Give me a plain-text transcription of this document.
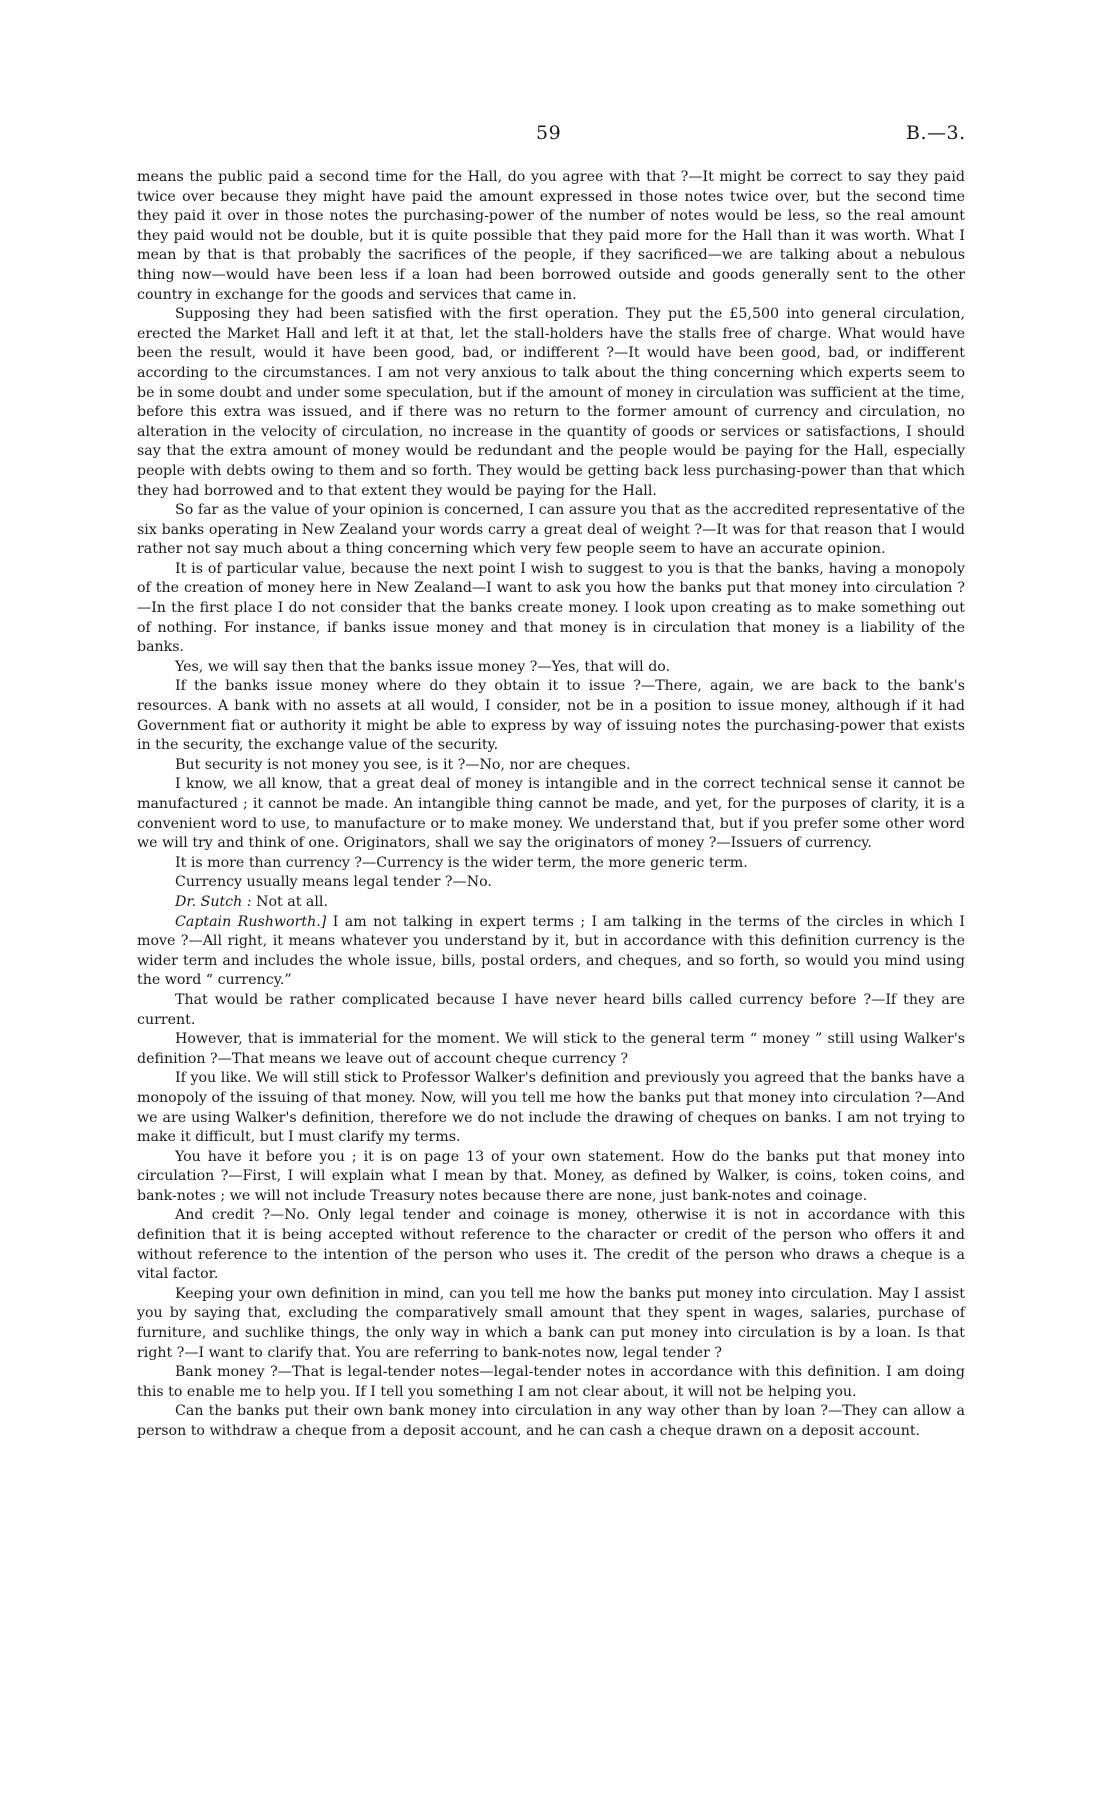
59	B.—3.

means the public paid a second time for the Hall, do you agree with that ?—It might be correct to say they paid twice over because they might have paid the amount expressed in those notes twice over, but the second time they paid it over in those notes the purchasing-power of the number of notes would be less, so the real amount they paid would not be double, but it is quite possible that they paid more for the Hall than it was worth. What I mean by that is that probably the sacrifices of the people, if they sacrificed—we are talking about a nebulous thing now—would have been less if a loan had been borrowed outside and goods generally sent to the other country in exchange for the goods and services that came in.

Supposing they had been satisfied with the first operation. They put the £5,500 into general circulation, erected the Market Hall and left it at that, let the stall-holders have the stalls free of charge. What would have been the result, would it have been good, bad, or indifferent ?—It would have been good, bad, or indifferent according to the circumstances. I am not very anxious to talk about the thing concerning which experts seem to be in some doubt and under some speculation, but if the amount of money in circulation was sufficient at the time, before this extra was issued, and if there was no return to the former amount of currency and circulation, no alteration in the velocity of circulation, no increase in the quantity of goods or services or satisfactions, I should say that the extra amount of money would be redundant and the people would be paying for the Hall, especially people with debts owing to them and so forth. They would be getting back less purchasing-power than that which they had borrowed and to that extent they would be paying for the Hall.

So far as the value of your opinion is concerned, I can assure you that as the accredited representative of the six banks operating in New Zealand your words carry a great deal of weight ?—It was for that reason that I would rather not say much about a thing concerning which very few people seem to have an accurate opinion.

It is of particular value, because the next point I wish to suggest to you is that the banks, having a monopoly of the creation of money here in New Zealand—I want to ask you how the banks put that money into circulation ?—In the first place I do not consider that the banks create money. I look upon creating as to make something out of nothing. For instance, if banks issue money and that money is in circulation that money is a liability of the banks.

Yes, we will say then that the banks issue money ?—Yes, that will do.

If the banks issue money where do they obtain it to issue ?—There, again, we are back to the bank's resources. A bank with no assets at all would, I consider, not be in a position to issue money, although if it had Government fiat or authority it might be able to express by way of issuing notes the purchasing-power that exists in the security, the exchange value of the security.

But security is not money you see, is it ?—No, nor are cheques.

I know, we all know, that a great deal of money is intangible and in the correct technical sense it cannot be manufactured ; it cannot be made. An intangible thing cannot be made, and yet, for the purposes of clarity, it is a convenient word to use, to manufacture or to make money. We understand that, but if you prefer some other word we will try and think of one. Originators, shall we say the originators of money ?—Issuers of currency.

It is more than currency ?—Currency is the wider term, the more generic term.

Currency usually means legal tender ?—No.

Dr. Sutch : Not at all.

Captain Rushworth.] I am not talking in expert terms ; I am talking in the terms of the circles in which I move ?—All right, it means whatever you understand by it, but in accordance with this definition currency is the wider term and includes the whole issue, bills, postal orders, and cheques, and so forth, so would you mind using the word “ currency.”

That would be rather complicated because I have never heard bills called currency before ?—If they are current.

However, that is immaterial for the moment. We will stick to the general term “ money ” still using Walker's definition ?—That means we leave out of account cheque currency ?

If you like. We will still stick to Professor Walker's definition and previously you agreed that the banks have a monopoly of the issuing of that money. Now, will you tell me how the banks put that money into circulation ?—And we are using Walker's definition, therefore we do not include the drawing of cheques on banks. I am not trying to make it difficult, but I must clarify my terms.

You have it before you ; it is on page 13 of your own statement. How do the banks put that money into circulation ?—First, I will explain what I mean by that. Money, as defined by Walker, is coins, token coins, and bank-notes ; we will not include Treasury notes because there are none, just bank-notes and coinage.

And credit ?—No. Only legal tender and coinage is money, otherwise it is not in accordance with this definition that it is being accepted without reference to the character or credit of the person who offers it and without reference to the intention of the person who uses it. The credit of the person who draws a cheque is a vital factor.

Keeping your own definition in mind, can you tell me how the banks put money into circulation. May I assist you by saying that, excluding the comparatively small amount that they spent in wages, salaries, purchase of furniture, and suchlike things, the only way in which a bank can put money into circulation is by a loan. Is that right ?—I want to clarify that. You are referring to bank-notes now, legal tender ?

Bank money ?—That is legal-tender notes—legal-tender notes in accordance with this definition. I am doing this to enable me to help you. If I tell you something I am not clear about, it will not be helping you.

Can the banks put their own bank money into circulation in any way other than by loan ?—They can allow a person to withdraw a cheque from a deposit account, and he can cash a cheque drawn on a deposit account.
